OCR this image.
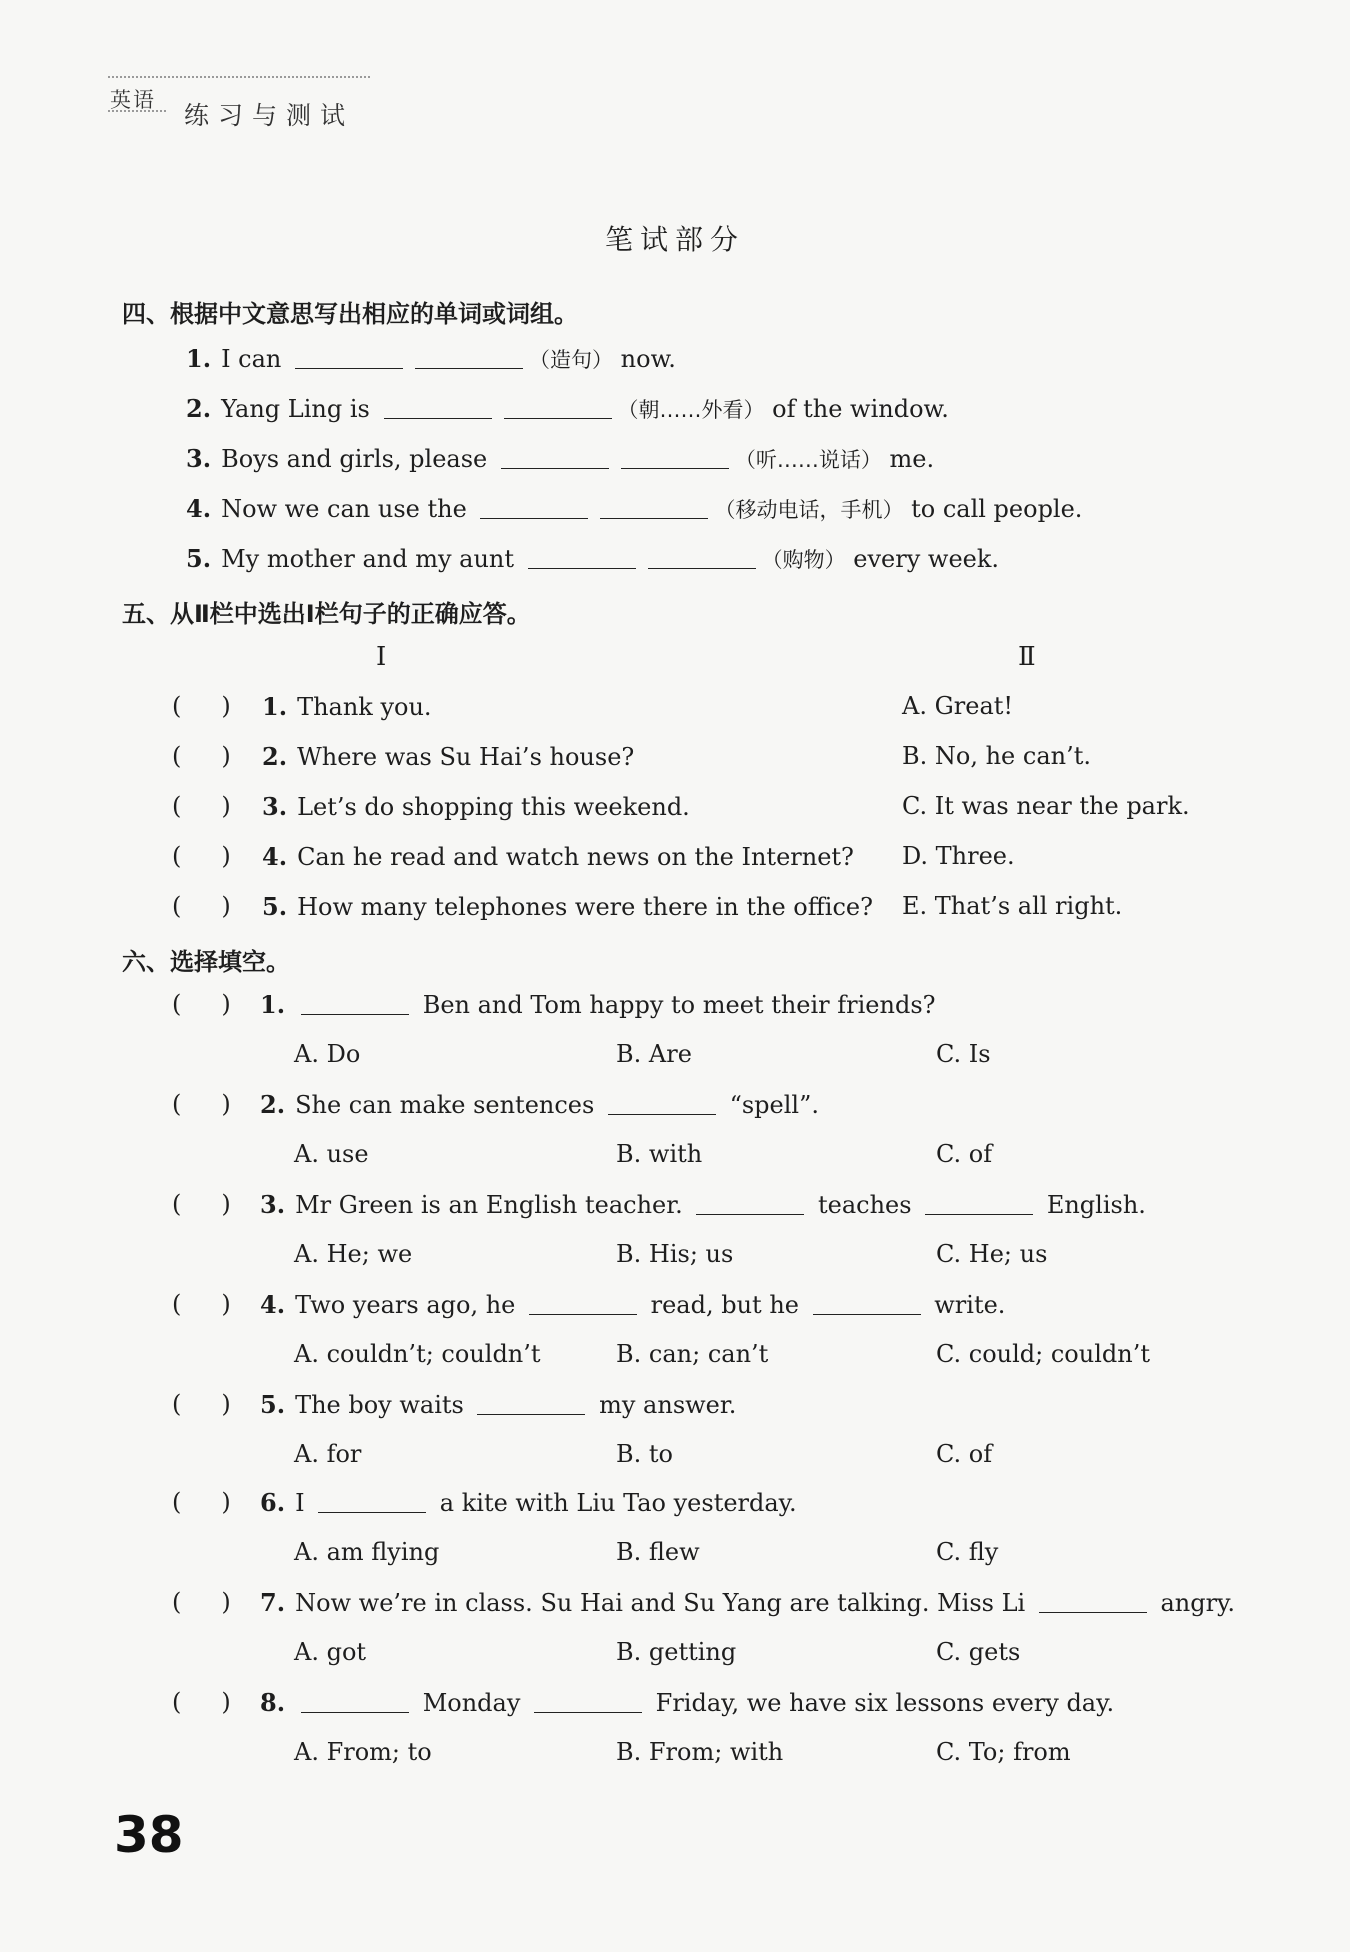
英语
练习与测试
笔试部分
四、根据中文意思写出相应的单词或词组。
1. I can	（造句） now.
2. Yang Ling is	（朝……外看） of the window.
3. Boys and girls, please	（听……说话） me.
4. Now we can use the	（移动电话，手机） to call people.
5. My mother and my aunt	（购物） every week.
五、从Ⅱ栏中选出Ⅰ栏句子的正确应答。
Ⅰ	Ⅱ
( ) 1. Thank you.	A. Great!
( ) 2. Where was Su Hai’s house?	B. No, he can’t.
( ) 3. Let’s do shopping this weekend.	C. It was near the park.
( ) 4. Can he read and watch news on the Internet? D. Three.
( ) 5. How many telephones were there in the office? E. That’s all right.
六、选择填空。
( ) 1.	Ben and Tom happy to meet their friends?
A. Do	B. Are	C. Is
( ) 2. She can make sentences	“spell”.
A. use	B. with	C. of
( ) 3. Mr Green is an English teacher.	teaches	English.
A. He; we	B. His; us	C. He; us
( ) 4. Two years ago, he	read, but he	write.
A. couldn’t; couldn’t	B. can; can’t	C. could; couldn’t
( ) 5. The boy waits	my answer.
A. for	B. to	C. of
( ) 6. I	a kite with Liu Tao yesterday.
A. am flying	B. flew	C. fly
( ) 7. Now we’re in class. Su Hai and Su Yang are talking. Miss Li	angry.
A. got	B. getting	C. gets
( ) 8.	Monday	Friday, we have six lessons every day.
A. From; to	B. From; with	C. To; from
38
